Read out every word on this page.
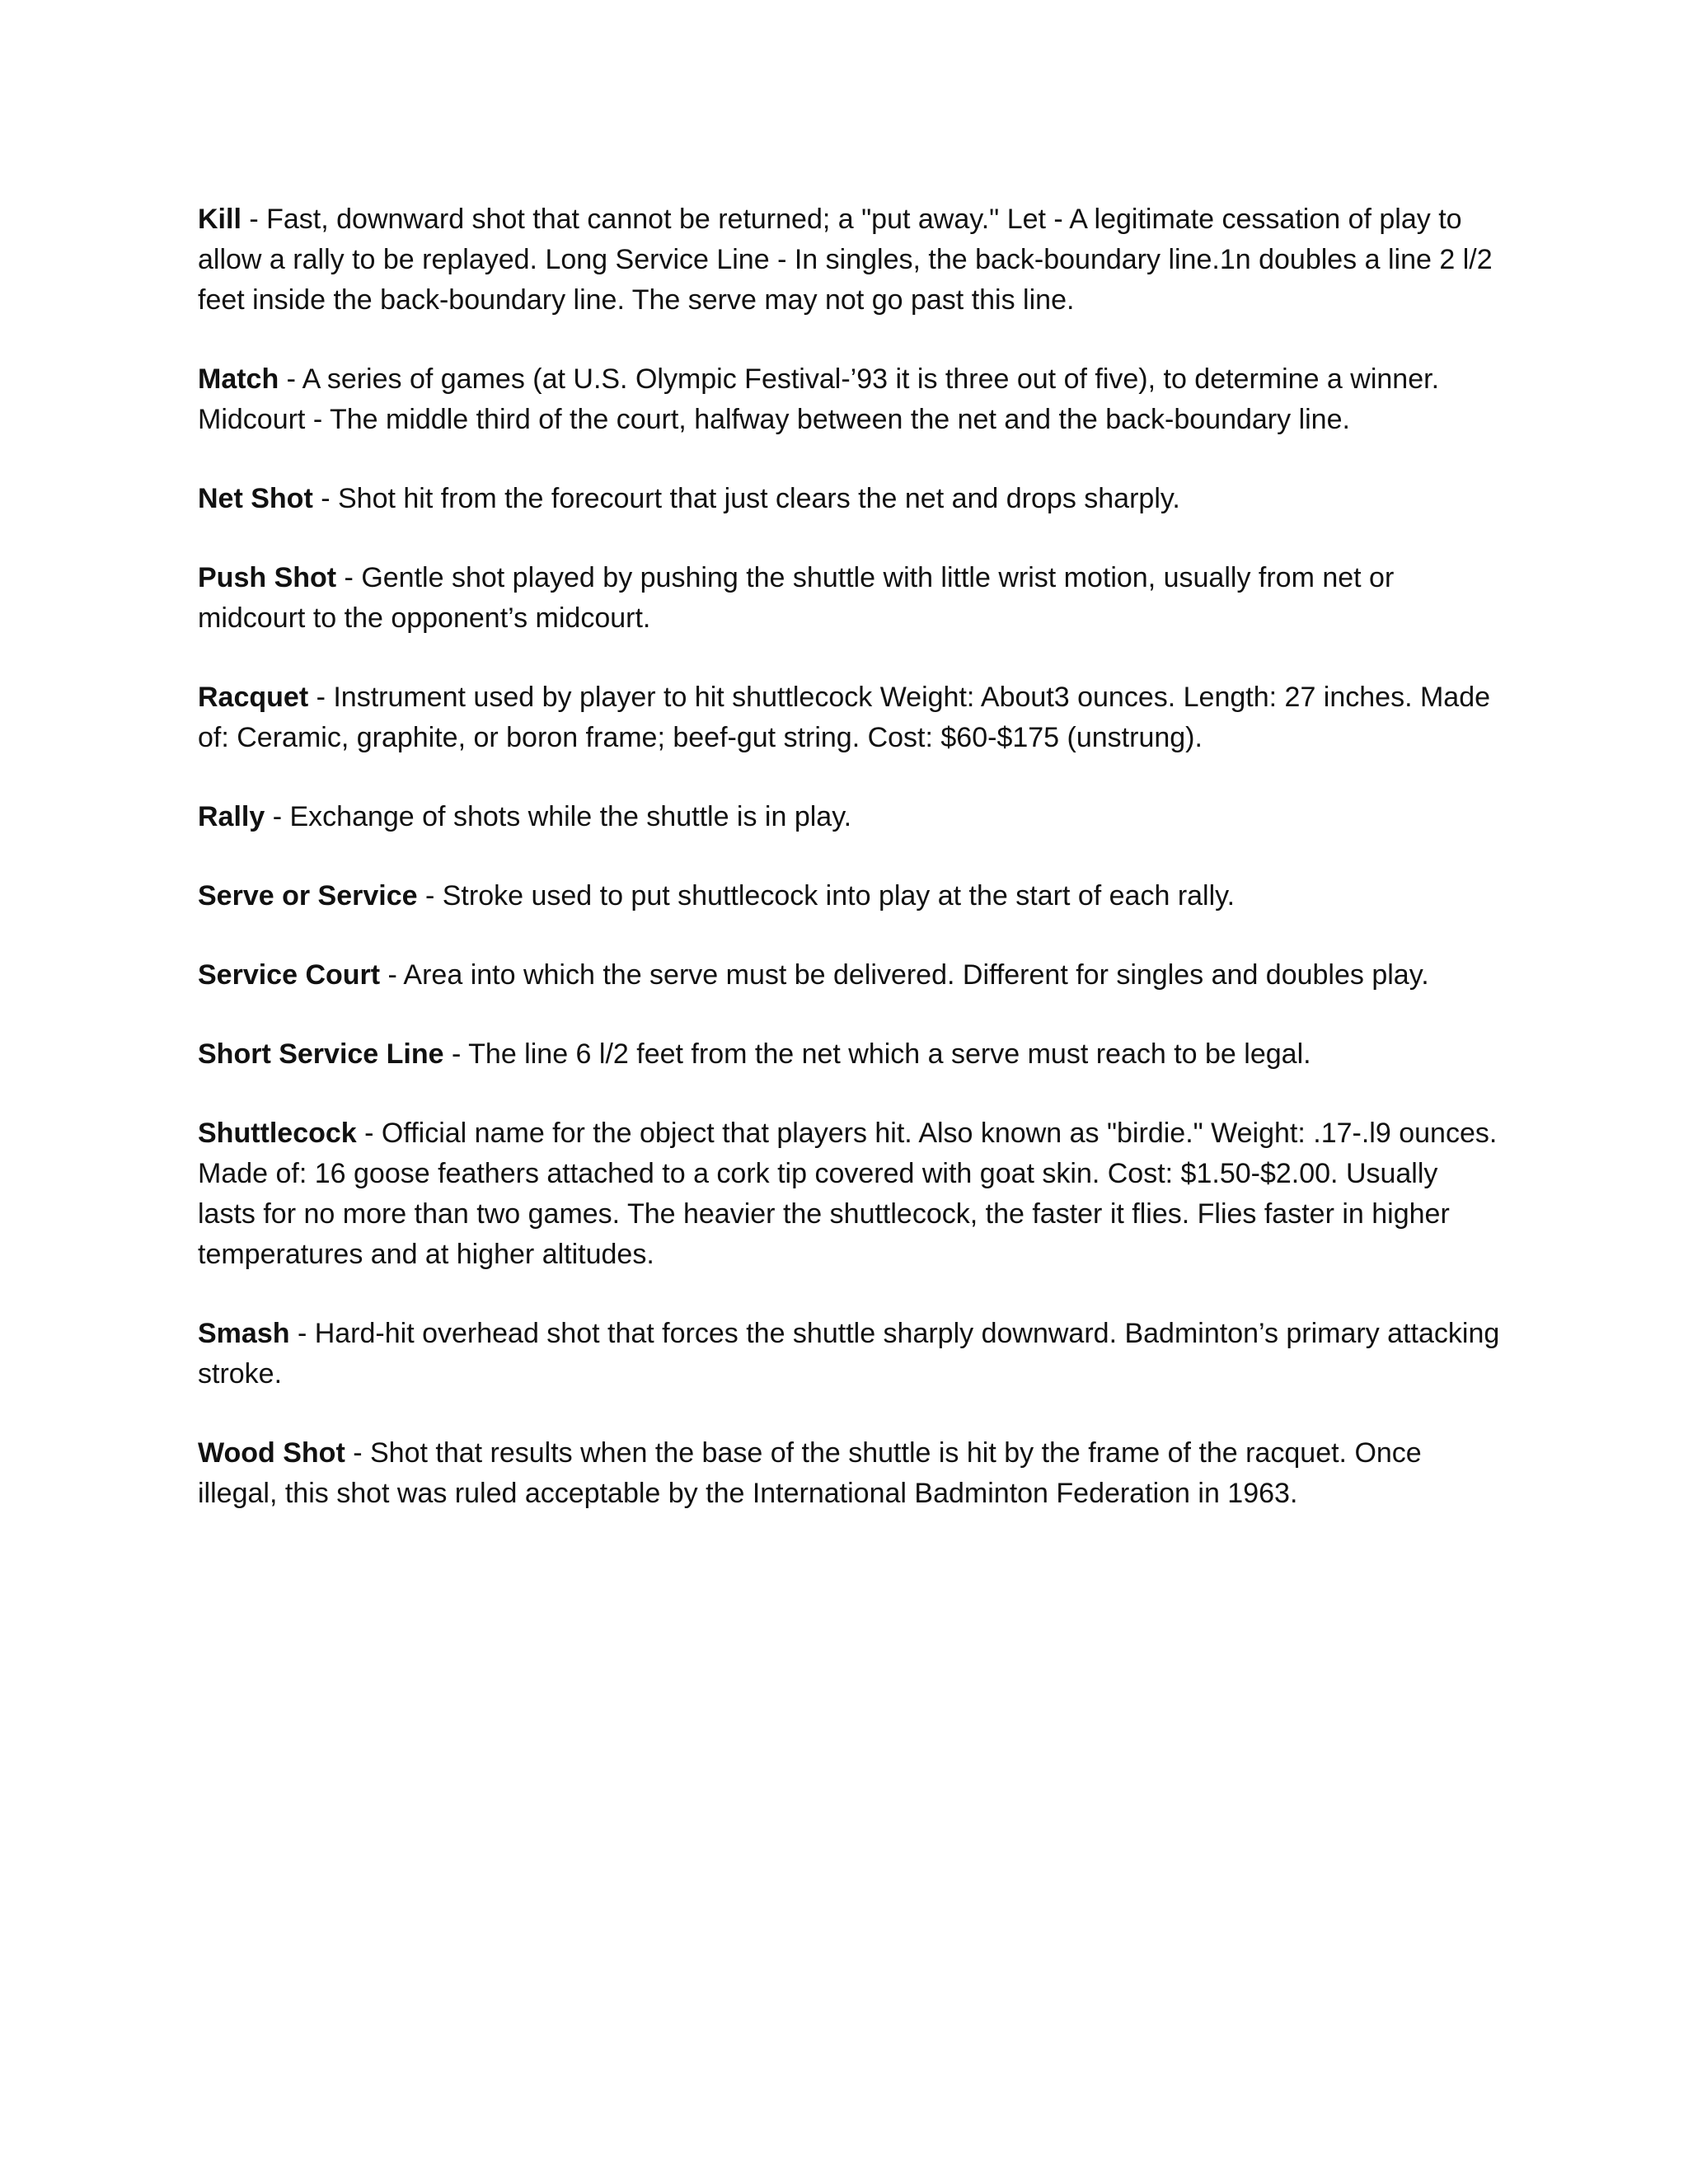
Kill - Fast, downward shot that cannot be returned; a "put away." Let - A legitimate cessation of play to allow a rally to be replayed. Long Service Line - In singles, the back-boundary line.1n doubles a line 2 l/2 feet inside the back-boundary line. The serve may not go past this line.

Match - A series of games (at U.S. Olympic Festival-’93 it is three out of five), to determine a winner. Midcourt - The middle third of the court, halfway between the net and the back-boundary line.

Net Shot - Shot hit from the forecourt that just clears the net and drops sharply.

Push Shot - Gentle shot played by pushing the shuttle with little wrist motion, usually from net or midcourt to the opponent’s midcourt.

Racquet - Instrument used by player to hit shuttlecock Weight: About3 ounces. Length: 27 inches. Made of: Ceramic, graphite, or boron frame; beef-gut string. Cost: $60-$175 (unstrung).

Rally - Exchange of shots while the shuttle is in play.

Serve or Service - Stroke used to put shuttlecock into play at the start of each rally.

Service Court - Area into which the serve must be delivered. Different for singles and doubles play.

Short Service Line - The line 6 l/2 feet from the net which a serve must reach to be legal.

Shuttlecock - Official name for the object that players hit. Also known as "birdie." Weight: .17-.l9 ounces. Made of: 16 goose feathers attached to a cork tip covered with goat skin. Cost: $1.50-$2.00. Usually lasts for no more than two games. The heavier the shuttlecock, the faster it flies. Flies faster in higher temperatures and at higher altitudes.

Smash - Hard-hit overhead shot that forces the shuttle sharply downward. Badminton’s primary attacking stroke.

Wood Shot - Shot that results when the base of the shuttle is hit by the frame of the racquet. Once illegal, this shot was ruled acceptable by the International Badminton Federation in 1963.
